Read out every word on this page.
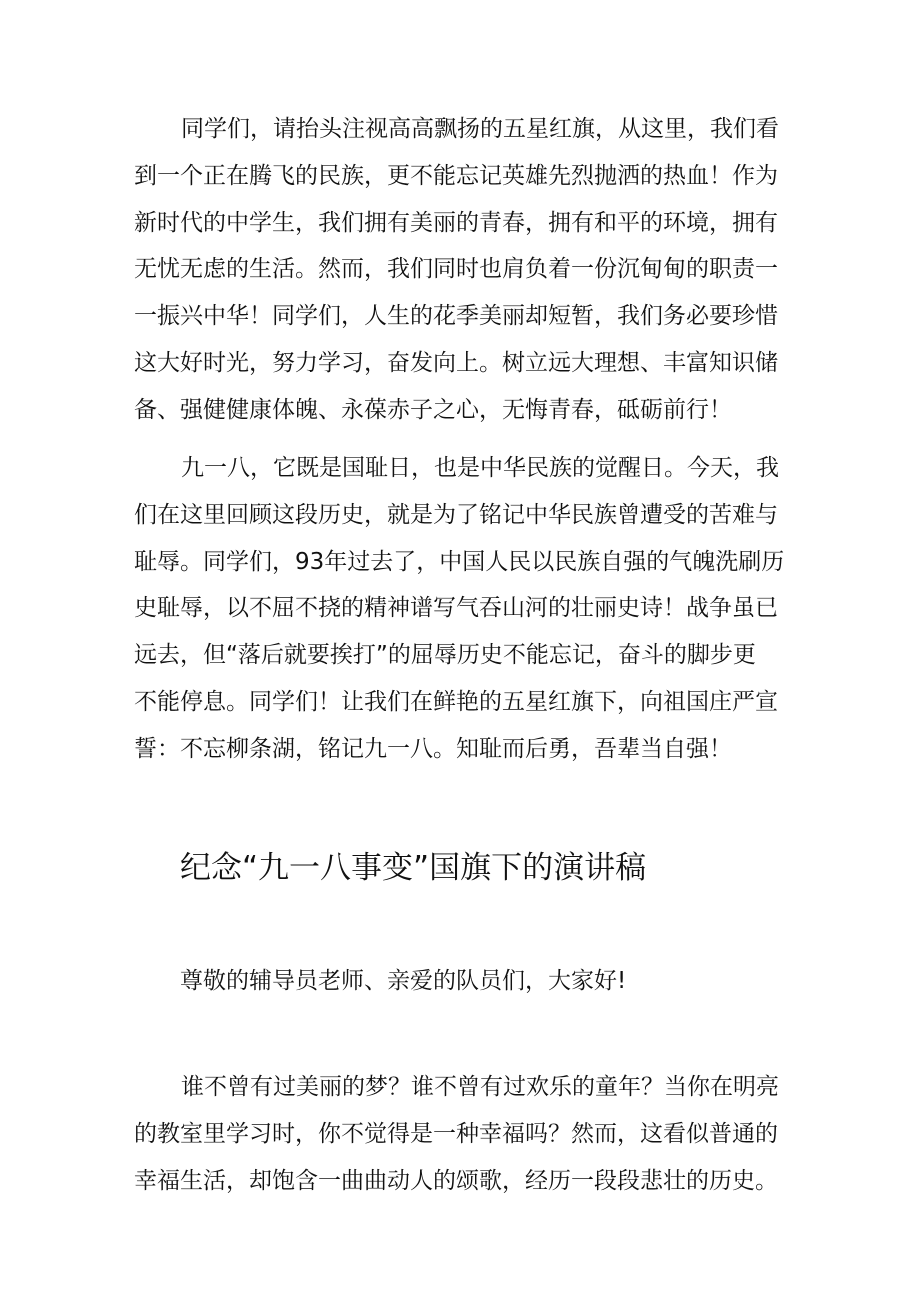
同学们，请抬头注视高高飘扬的五星红旗，从这里，我们看
到一个正在腾飞的民族，更不能忘记英雄先烈抛洒的热血！作为
新时代的中学生，我们拥有美丽的青春，拥有和平的环境，拥有
无忧无虑的生活。然而，我们同时也肩负着一份沉甸甸的职责一
一振兴中华！同学们，人生的花季美丽却短暂，我们务必要珍惜
这大好时光，努力学习，奋发向上。树立远大理想、丰富知识储
备、强健健康体魄、永葆赤子之心，无悔青春，砥砺前行！
九一八，它既是国耻日，也是中华民族的觉醒日。今天，我
们在这里回顾这段历史，就是为了铭记中华民族曾遭受的苦难与
耻辱。同学们，93年过去了，中国人民以民族自强的气魄洗刷历
史耻辱，以不屈不挠的精神谱写气吞山河的壮丽史诗！战争虽已
远去，但“落后就要挨打”的屈辱历史不能忘记，奋斗的脚步更
不能停息。同学们！让我们在鲜艳的五星红旗下，向祖国庄严宣
誓：不忘柳条湖，铭记九一八。知耻而后勇，吾辈当自强！
纪念“九一八事变”国旗下的演讲稿
尊敬的辅导员老师、亲爱的队员们，大家好!
谁不曾有过美丽的梦？谁不曾有过欢乐的童年？当你在明亮
的教室里学习时，你不觉得是一种幸福吗？然而，这看似普通的
幸福生活，却饱含一曲曲动人的颂歌，经历一段段悲壮的历史。
